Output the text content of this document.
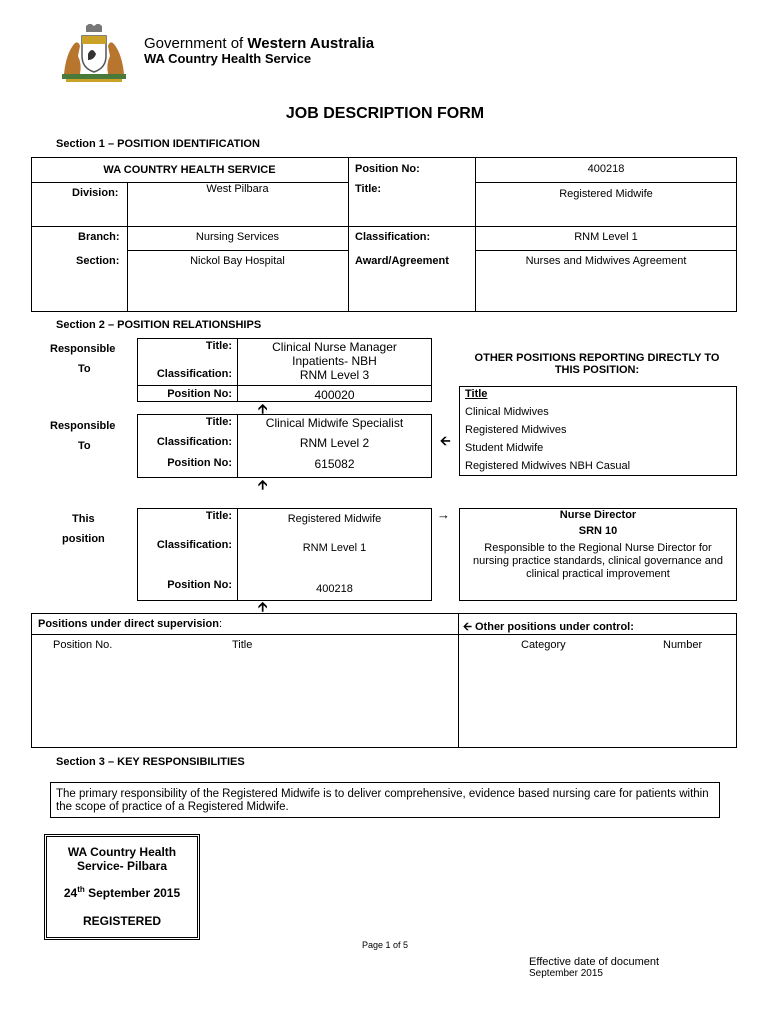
Government of Western Australia
WA Country Health Service
JOB DESCRIPTION FORM
Section 1 – POSITION IDENTIFICATION
WA COUNTRY HEALTH SERVICE
Division:	West Pilbara
Branch:	Nursing Services
Section:	Nickol Bay Hospital
Position No:	400218
Title:	Registered Midwife
Classification:	RNM Level 1
Award/Agreement	Nurses and Midwives Agreement
Section 2 – POSITION RELATIONSHIPS
Responsible
To
Title:	Clinical Nurse Manager
Inpatients- NBH
Classification:	RNM Level 3
Position No:	400020
🡩
Responsible
To
Title:	Clinical Midwife Specialist
Classification:	RNM Level 2
Position No:	615082
🡨
🡩
OTHER POSITIONS REPORTING DIRECTLY TO THIS POSITION:
Title
Clinical Midwives
Registered Midwives
Student Midwife
Registered Midwives NBH Casual
This
position
Title:	Registered Midwife
Classification:	RNM Level 1
Position No:	400218
→	Nurse Director
SRN 10
Responsible to the Regional Nurse Director for nursing practice standards, clinical governance and clinical practical improvement
🡩
Positions under direct supervision:	🡨 Other positions under control:
Position No.	Title	Category	Number
Section 3 – KEY RESPONSIBILITIES
The primary responsibility of the Registered Midwife is to deliver comprehensive, evidence based nursing care for patients within the scope of practice of a Registered Midwife.
WA Country Health
Service- Pilbara
24th September 2015
REGISTERED
Page 1 of 5
Effective date of document
September 2015
